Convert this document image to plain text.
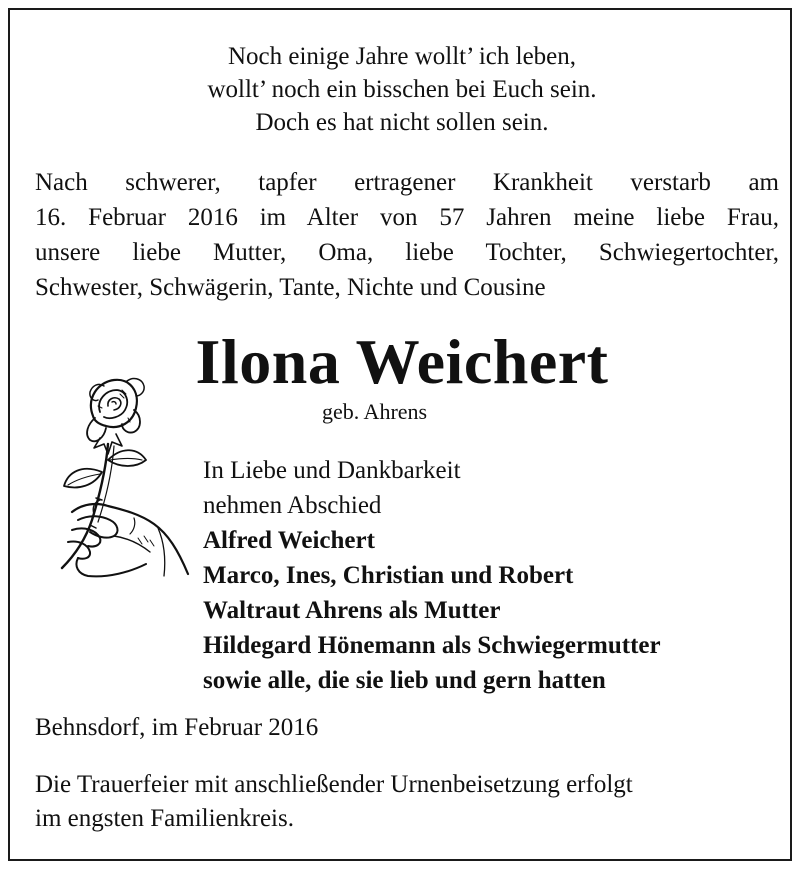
Noch einige Jahre wollt’ ich leben,
wollt’ noch ein bisschen bei Euch sein.
Doch es hat nicht sollen sein.
Nach schwerer, tapfer ertragener Krankheit verstarb am
16. Februar 2016 im Alter von 57 Jahren meine liebe Frau,
unsere liebe Mutter, Oma, liebe Tochter, Schwiegertochter,
Schwester, Schwägerin, Tante, Nichte und Cousine
Ilona Weichert
geb. Ahrens
In Liebe und Dankbarkeit
nehmen Abschied
Alfred Weichert
Marco, Ines, Christian und Robert
Waltraut Ahrens als Mutter
Hildegard Hönemann als Schwiegermutter
sowie alle, die sie lieb und gern hatten
Behnsdorf, im Februar 2016
Die Trauerfeier mit anschließender Urnenbeisetzung erfolgt
im engsten Familienkreis.
